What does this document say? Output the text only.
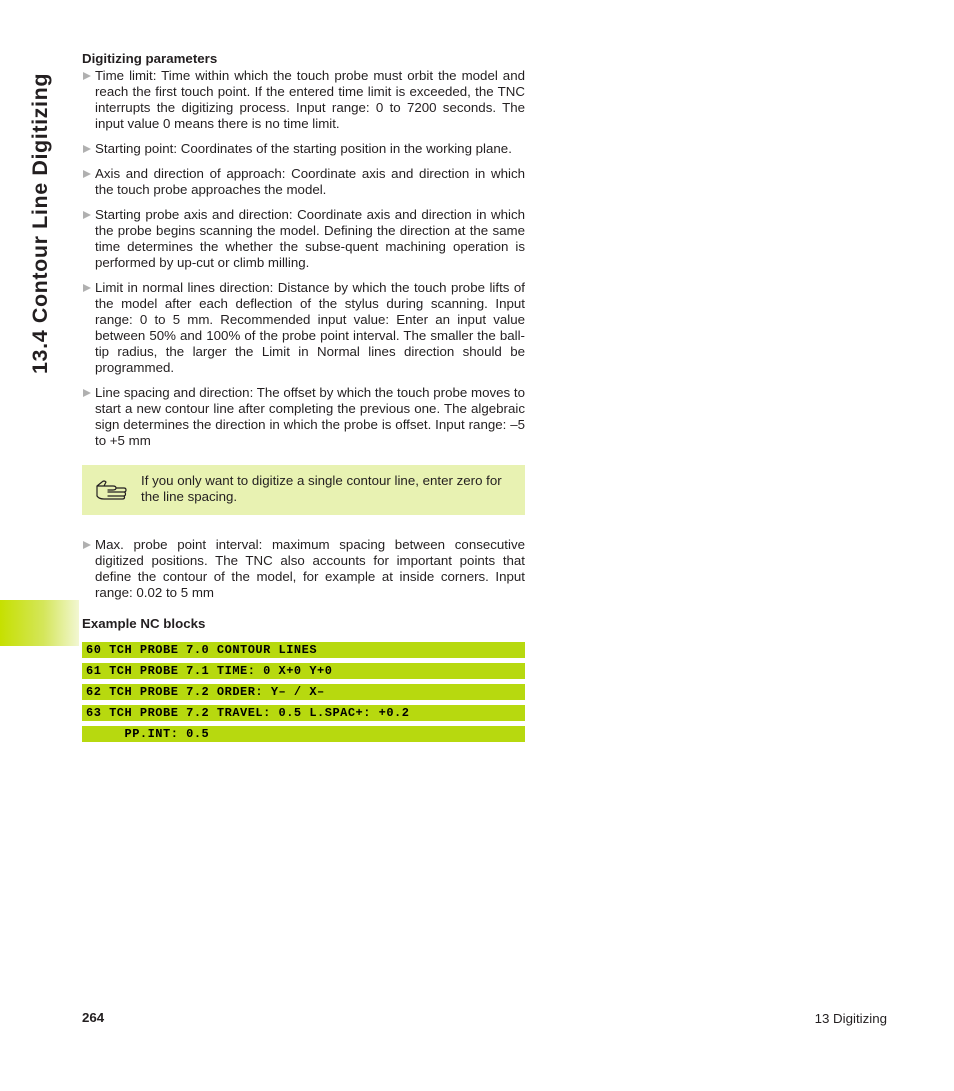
13.4 Contour Line Digitizing
Digitizing parameters
Time limit: Time within which the touch probe must orbit the model and reach the first touch point. If the entered time limit is exceeded, the TNC interrupts the digitizing process. Input range: 0 to 7200 seconds. The input value 0 means there is no time limit.
Starting point: Coordinates of the starting position in the working plane.
Axis and direction of approach: Coordinate axis and direction in which the touch probe approaches the model.
Starting probe axis and direction: Coordinate axis and direction in which the probe begins scanning the model. Defining the direction at the same time determines the whether the subse-quent machining operation is performed by up-cut or climb milling.
Limit in normal lines direction: Distance by which the touch probe lifts of the model after each deflection of the stylus during scanning. Input range: 0 to 5 mm. Recommended input value: Enter an input value between 50% and 100% of the probe point interval. The smaller the ball-tip radius, the larger the Limit in Normal lines direction should be programmed.
Line spacing and direction: The offset by which the touch probe moves to start a new contour line after completing the previous one. The algebraic sign determines the direction in which the probe is offset. Input range: –5 to +5 mm
If you only want to digitize a single contour line, enter zero for the line spacing.
Max. probe point interval: maximum spacing between consecutive digitized positions. The TNC also accounts for important points that define the contour of the model, for example at inside corners. Input range: 0.02 to 5 mm
Example NC blocks
60 TCH PROBE 7.0 CONTOUR LINES
61 TCH PROBE 7.1 TIME: 0 X+0 Y+0
62 TCH PROBE 7.2 ORDER: Y– / X–
63 TCH PROBE 7.2 TRAVEL: 0.5 L.SPAC+: +0.2
PP.INT: 0.5
264	13 Digitizing
